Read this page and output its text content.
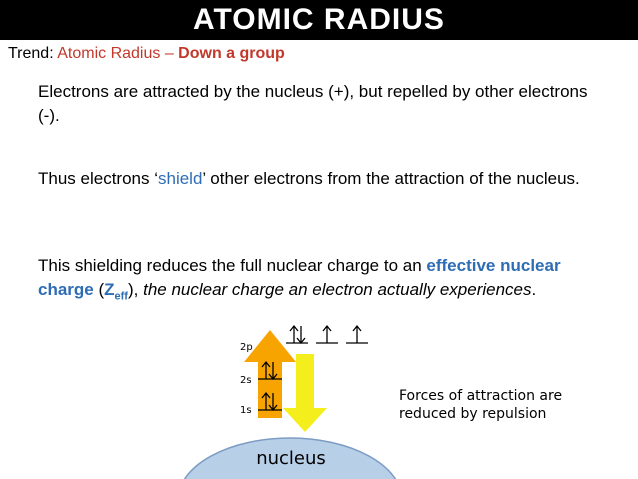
ATOMIC RADIUS
Trend: Atomic Radius – Down a group
Electrons are attracted by the nucleus (+), but repelled by other electrons (-).
Thus electrons ‘shield’ other electrons from the attraction of the nucleus.
This shielding reduces the full nuclear charge to an effective nuclear charge $(Z_{eff})$, the nuclear charge an electron actually experiences.
2p
2s
1s
Forces of attraction are
reduced by repulsion
nucleus
